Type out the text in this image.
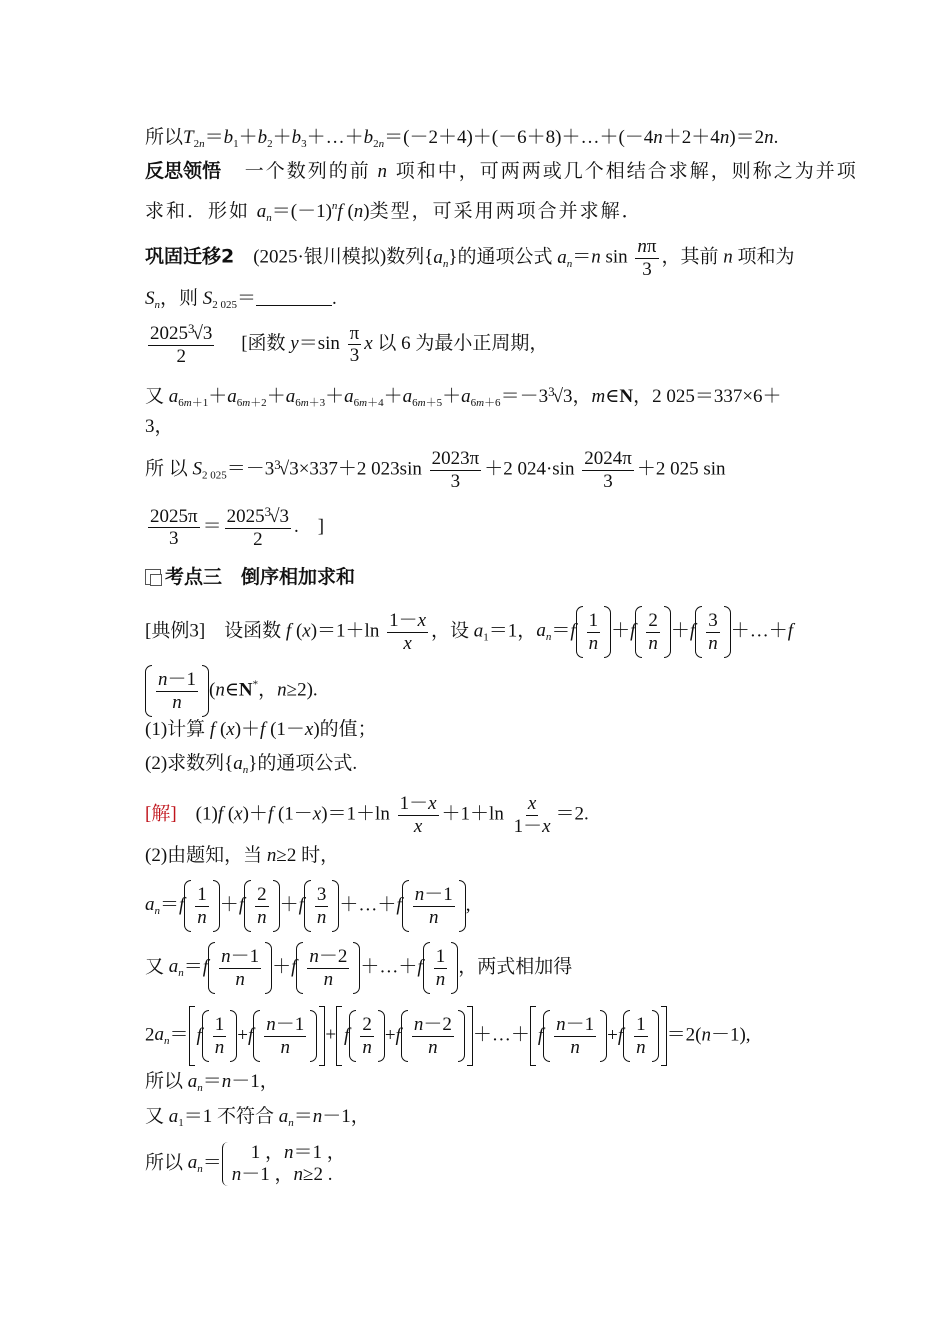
所以$T_{2n}=b_1+b_2+b_3+\dots+b_{2n}=(-2+4)+(-6+8)+\dots+(-4n+2+4n)=2n$.
反思领悟　 一个数列的前 n 项和中，可两两或几个相结合求解，则称之为并项
求和．形如 $a_n=(-1)^nf$ (n)类型，可采用两项合并求解．
巩固迁移2　(2025·银川模拟)数列$\{a_n\}$的通项公式 $a_n=n$ $\sin \frac{n\pi}{3}$ ，其前 n 项和为
$S_n$，则 $S_{2 025}=$	.
$\frac{2025^3√3}{2}$ 　[函数 $y=\sin \frac{\pi}{3}$ x 以 6 为最小正周期，
又 $a_{6m+1}+a_{6m+2}+a_{6m+3}+a_{6m+4}+a_{6m+5}+a_{6m+6}=-3^3√3$，m∈N，2 025＝337×6＋
3，
所 以 $S_{2 025}=-3^3√3\times 337+2$ $023\sin \frac{2023\pi}{3} +2$ $024\cdot\sin \frac{2024\pi}{3} +2$ 025 sin
$\frac{2025\pi}{3} = \frac{2025^3√3}{2}$ .　]
考点三　倒序相加求和
[典例3]　设函数 f $(x)=1+\ln \frac{1-x}{x}$ ，设 $a_1=1$，$a_n=f \frac{1}{n} +f \frac{2}{n} +f \frac{3}{n}$ ＋…＋f
$\frac{n-1}{n}$ (n∈N*，n≥2).
(1)计算 f (x)＋f (1－x)的值；
(2)求数列$\{a_n\}$的通项公式.
[解]　(1)f (x)＋f $(1-x)=1+\ln \frac{1-x}{x} +1+\ln \frac{x}{1-x} =2$.
(2)由题知，当 n≥2 时，
$a_n=f \frac{1}{n} +f \frac{2}{n} +f \frac{3}{n}$ ＋…＋f $\frac{n-1}{n}$ ,
又 $a_n=f \frac{n-1}{n} +f \frac{n-2}{n}$ ＋…＋f $\frac{1}{n}$ ，两式相加得
$2a_n= f \frac{1}{n} + f \frac{n-1}{n} + f \frac{2}{n} + f \frac{n-2}{n}$ ＋…＋ f $\frac{n-1}{n} + f \frac{1}{n} =2(n-1)$,
所以 $a_n=n-1$，
又 $a_1=1$ 不符合 $a_n=n-1$，
所以 $a_n=$ 　1 ，n＝1 ，
n－1 ，n≥2 .
